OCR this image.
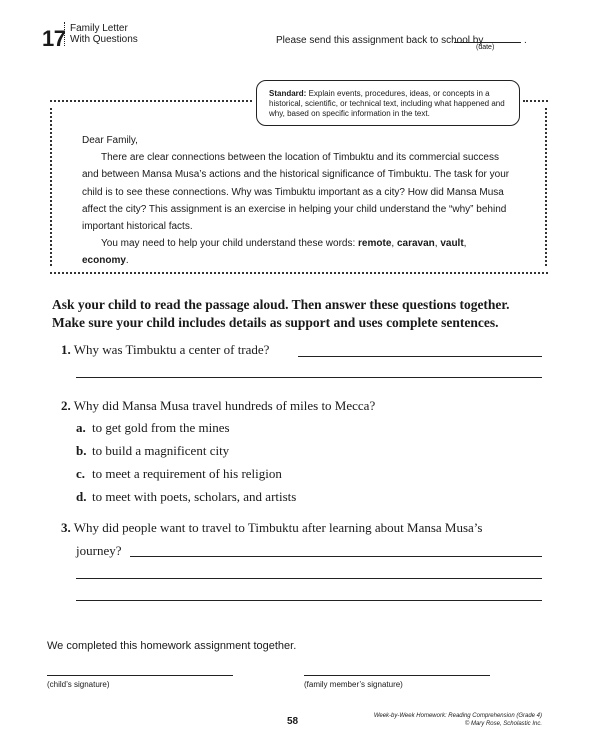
17 Family Letter
With Questions	Please send this assignment back to school by
(date)
.
Standard: Explain events, procedures, ideas, or concepts in a historical, scientific, or technical text, including what happened and why, based on specific information in the text.

Dear Family,

There are clear connections between the location of Timbuktu and its commercial success and between Mansa Musa’s actions and the historical significance of Timbuktu. The task for your child is to see these connections. Why was Timbuktu important as a city? How did Mansa Musa affect the city? This assignment is an exercise in helping your child understand the “why” behind important historical facts.

You may need to help your child understand these words: remote, caravan, vault, economy.

Ask your child to read the passage aloud. Then answer these questions together.
Make sure your child includes details as support and uses complete sentences.
1. Why was Timbuktu a center of trade?
2. Why did Mansa Musa travel hundreds of miles to Mecca?
a. to get gold from the mines
b. to build a magnificent city
c. to meet a requirement of his religion
d. to meet with poets, scholars, and artists
3. Why did people want to travel to Timbuktu after learning about Mansa Musa’s
journey?
We completed this homework assignment together.
(child’s signature)	(family member’s signature)
58	Week-by-Week Homework: Reading Comprehension (Grade 4)
© Mary Rose, Scholastic Inc.
